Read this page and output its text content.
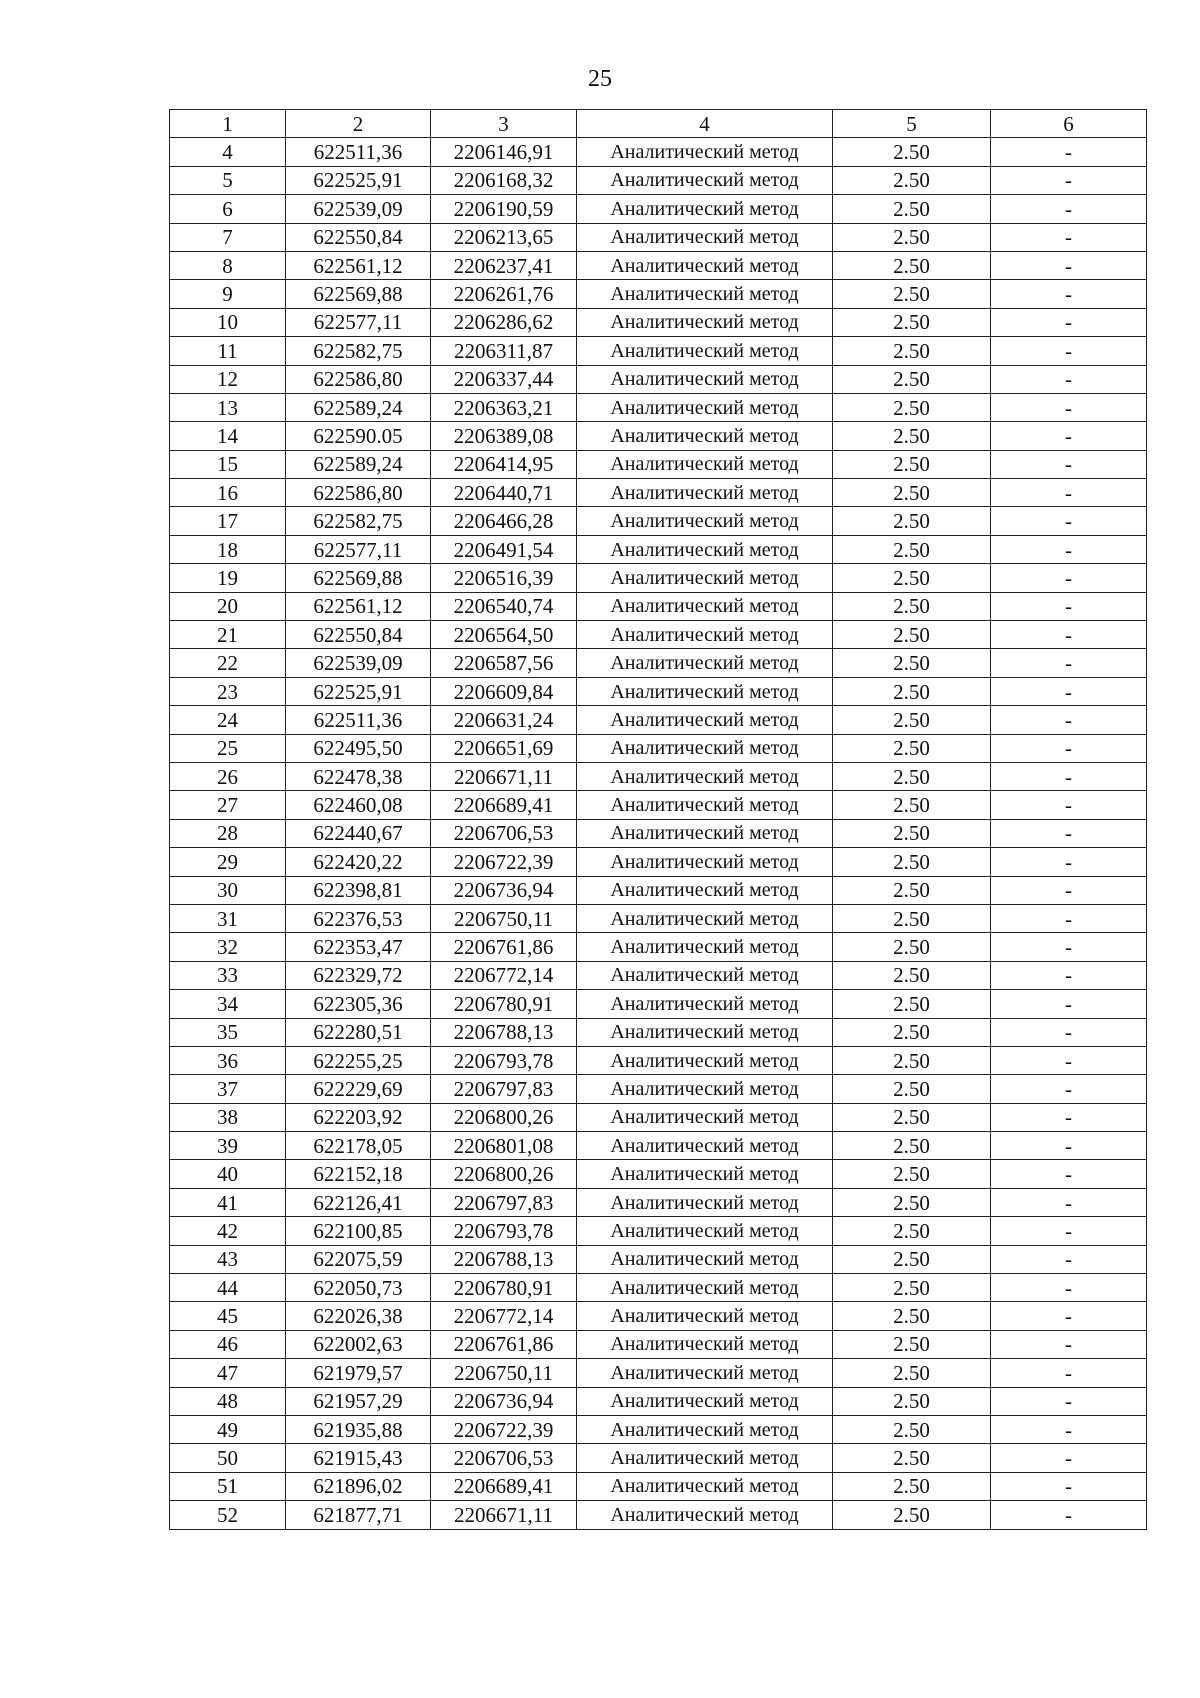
25
1	2	3	4	5	6
4	622511,36	2206146,91	Аналитический метод	2.50	-
5	622525,91	2206168,32	Аналитический метод	2.50	-
6	622539,09	2206190,59	Аналитический метод	2.50	-
7	622550,84	2206213,65	Аналитический метод	2.50	-
8	622561,12	2206237,41	Аналитический метод	2.50	-
9	622569,88	2206261,76	Аналитический метод	2.50	-
10	622577,11	2206286,62	Аналитический метод	2.50	-
11	622582,75	2206311,87	Аналитический метод	2.50	-
12	622586,80	2206337,44	Аналитический метод	2.50	-
13	622589,24	2206363,21	Аналитический метод	2.50	-
14	622590.05	2206389,08	Аналитический метод	2.50	-
15	622589,24	2206414,95	Аналитический метод	2.50	-
16	622586,80	2206440,71	Аналитический метод	2.50	-
17	622582,75	2206466,28	Аналитический метод	2.50	-
18	622577,11	2206491,54	Аналитический метод	2.50	-
19	622569,88	2206516,39	Аналитический метод	2.50	-
20	622561,12	2206540,74	Аналитический метод	2.50	-
21	622550,84	2206564,50	Аналитический метод	2.50	-
22	622539,09	2206587,56	Аналитический метод	2.50	-
23	622525,91	2206609,84	Аналитический метод	2.50	-
24	622511,36	2206631,24	Аналитический метод	2.50	-
25	622495,50	2206651,69	Аналитический метод	2.50	-
26	622478,38	2206671,11	Аналитический метод	2.50	-
27	622460,08	2206689,41	Аналитический метод	2.50	-
28	622440,67	2206706,53	Аналитический метод	2.50	-
29	622420,22	2206722,39	Аналитический метод	2.50	-
30	622398,81	2206736,94	Аналитический метод	2.50	-
31	622376,53	2206750,11	Аналитический метод	2.50	-
32	622353,47	2206761,86	Аналитический метод	2.50	-
33	622329,72	2206772,14	Аналитический метод	2.50	-
34	622305,36	2206780,91	Аналитический метод	2.50	-
35	622280,51	2206788,13	Аналитический метод	2.50	-
36	622255,25	2206793,78	Аналитический метод	2.50	-
37	622229,69	2206797,83	Аналитический метод	2.50	-
38	622203,92	2206800,26	Аналитический метод	2.50	-
39	622178,05	2206801,08	Аналитический метод	2.50	-
40	622152,18	2206800,26	Аналитический метод	2.50	-
41	622126,41	2206797,83	Аналитический метод	2.50	-
42	622100,85	2206793,78	Аналитический метод	2.50	-
43	622075,59	2206788,13	Аналитический метод	2.50	-
44	622050,73	2206780,91	Аналитический метод	2.50	-
45	622026,38	2206772,14	Аналитический метод	2.50	-
46	622002,63	2206761,86	Аналитический метод	2.50	-
47	621979,57	2206750,11	Аналитический метод	2.50	-
48	621957,29	2206736,94	Аналитический метод	2.50	-
49	621935,88	2206722,39	Аналитический метод	2.50	-
50	621915,43	2206706,53	Аналитический метод	2.50	-
51	621896,02	2206689,41	Аналитический метод	2.50	-
52	621877,71	2206671,11	Аналитический метод	2.50	-
